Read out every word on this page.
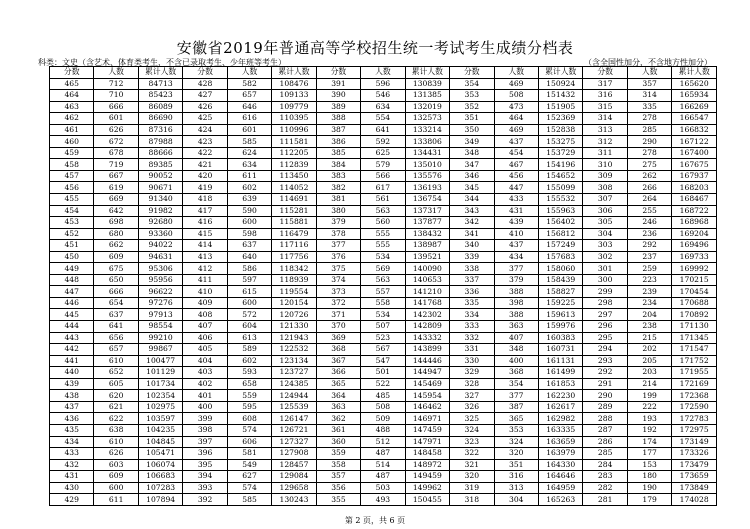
安徽省2019年普通高等学校招生统一考试考生成绩分档表
科类：文史（含艺术、体育类考生，不含已录取考生、少年班等考生）	（含全国性加分，不含地方性加分）
分数	人数	累计人数	分数	人数	累计人数	分数	人数	累计人数	分数	人数	累计人数	分数	人数	累计人数
465	712	84713	428	582	108476	391	596	130839	354	469	150924	317	357	165620
464	710	85423	427	657	109133	390	546	131385	353	508	151432	316	314	165934
463	666	86089	426	646	109779	389	634	132019	352	473	151905	315	335	166269
462	601	86690	425	616	110395	388	554	132573	351	464	152369	314	278	166547
461	626	87316	424	601	110996	387	641	133214	350	469	152838	313	285	166832
460	672	87988	423	585	111581	386	592	133806	349	437	153275	312	290	167122
459	678	88666	422	624	112205	385	625	134431	348	454	153729	311	278	167400
458	719	89385	421	634	112839	384	579	135010	347	467	154196	310	275	167675
457	667	90052	420	611	113450	383	566	135576	346	456	154652	309	262	167937
456	619	90671	419	602	114052	382	617	136193	345	447	155099	308	266	168203
455	669	91340	418	639	114691	381	561	136754	344	433	155532	307	264	168467
454	642	91982	417	590	115281	380	563	137317	343	431	155963	306	255	168722
453	698	92680	416	600	115881	379	560	137877	342	439	156402	305	246	168968
452	680	93360	415	598	116479	378	555	138432	341	410	156812	304	236	169204
451	662	94022	414	637	117116	377	555	138987	340	437	157249	303	292	169496
450	609	94631	413	640	117756	376	534	139521	339	434	157683	302	237	169733
449	675	95306	412	586	118342	375	569	140090	338	377	158060	301	259	169992
448	650	95956	411	597	118939	374	563	140653	337	379	158439	300	223	170215
447	666	96622	410	615	119554	373	557	141210	336	388	158827	299	239	170454
446	654	97276	409	600	120154	372	558	141768	335	398	159225	298	234	170688
445	637	97913	408	572	120726	371	534	142302	334	388	159613	297	204	170892
444	641	98554	407	604	121330	370	507	142809	333	363	159976	296	238	171130
443	656	99210	406	613	121943	369	523	143332	332	407	160383	295	215	171345
442	657	99867	405	589	122532	368	567	143899	331	348	160731	294	202	171547
441	610	100477	404	602	123134	367	547	144446	330	400	161131	293	205	171752
440	652	101129	403	593	123727	366	501	144947	329	368	161499	292	203	171955
439	605	101734	402	658	124385	365	522	145469	328	354	161853	291	214	172169
438	620	102354	401	559	124944	364	485	145954	327	377	162230	290	199	172368
437	621	102975	400	595	125539	363	508	146462	326	387	162617	289	222	172590
436	622	103597	399	608	126147	362	509	146971	325	365	162982	288	193	172783
435	638	104235	398	574	126721	361	488	147459	324	353	163335	287	192	172975
434	610	104845	397	606	127327	360	512	147971	323	324	163659	286	174	173149
433	626	105471	396	581	127908	359	487	148458	322	320	163979	285	177	173326
432	603	106074	395	549	128457	358	514	148972	321	351	164330	284	153	173479
431	609	106683	394	627	129084	357	487	149459	320	316	164646	283	180	173659
430	600	107283	393	574	129658	356	503	149962	319	313	164959	282	190	173849
429	611	107894	392	585	130243	355	493	150455	318	304	165263	281	179	174028
第 2 页，共 6 页
